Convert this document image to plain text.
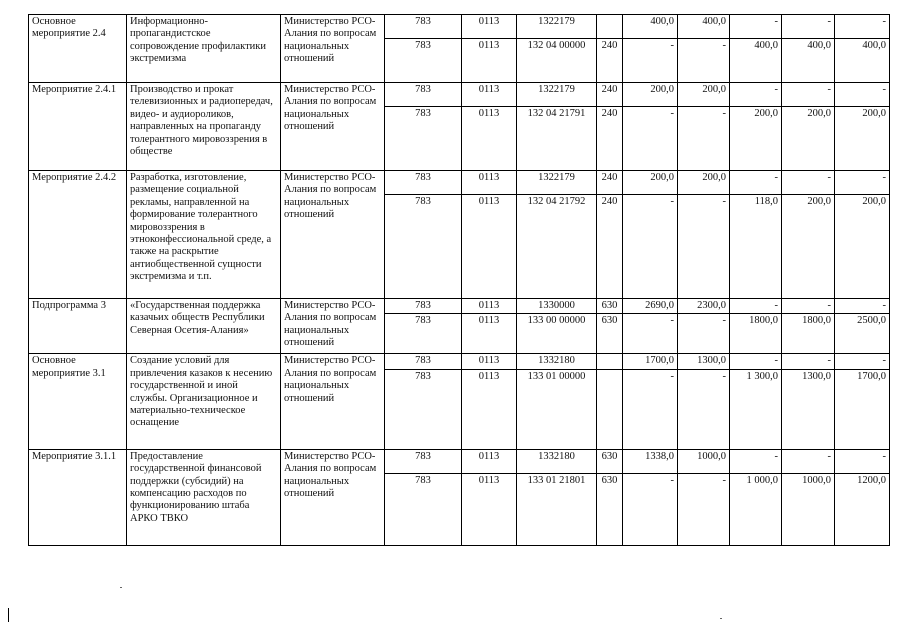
Основное мероприятие 2.4	Информационно-пропагандистское сопровождение профилактики экстремизма	Министерство РСО-Алания по вопросам национальных отношений	783	0113	1322179		400,0	400,0	-	-	-
			783	0113	132 04 00000	240	-	-	400,0	400,0	400,0
Мероприятие 2.4.1	Производство и прокат телевизионных и радиопередач, видео- и аудиороликов, направленных на пропаганду толерантного мировоззрения в обществе	Министерство РСО-Алания по вопросам национальных отношений	783	0113	1322179	240	200,0	200,0	-	-	-
			783	0113	132 04 21791	240	-	-	200,0	200,0	200,0
Мероприятие 2.4.2	Разработка, изготовление, размещение социальной рекламы, направленной на формирование толерантного мировоззрения в этноконфессиональной среде, а также на раскрытие антиобщественной сущности экстремизма и т.п.	Министерство РСО-Алания по вопросам национальных отношений	783	0113	1322179	240	200,0	200,0	-	-	-
			783	0113	132 04 21792	240	-	-	118,0	200,0	200,0
Подпрограмма 3	«Государственная поддержка казачьих обществ Республики Северная Осетия-Алания»	Министерство РСО-Алания по вопросам национальных отношений	783	0113	1330000	630	2690,0	2300,0	-	-	-
			783	0113	133 00 00000	630	-	-	1800,0	1800,0	2500,0
Основное мероприятие 3.1	Создание условий для привлечения казаков к несению государственной и иной службы. Организационное и материально-техническое оснащение	Министерство РСО-Алания по вопросам национальных отношений	783	0113	1332180		1700,0	1300,0	-	-	-
			783	0113	133 01 00000		-	-	1 300,0	1300,0	1700,0
Мероприятие 3.1.1	Предоставление государственной финансовой поддержки (субсидий) на компенсацию расходов по функционированию штаба АРКО ТВКО	Министерство РСО-Алания по вопросам национальных отношений	783	0113	1332180	630	1338,0	1000,0	-	-	-
			783	0113	133 01 21801	630	-	-	1 000,0	1000,0	1200,0
